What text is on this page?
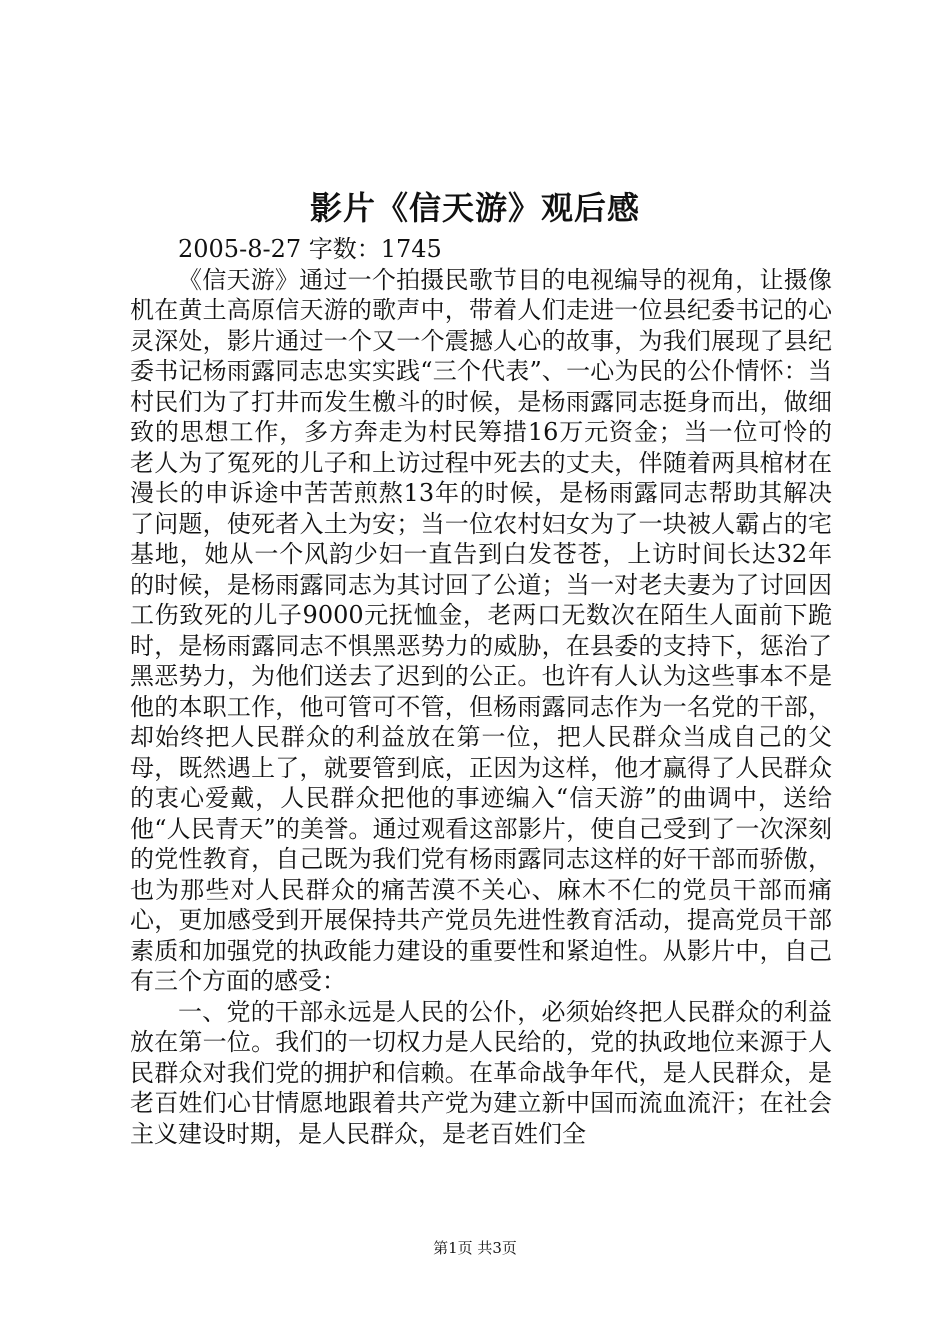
影片《信天游》观后感

2005-8-27 字数：1745

《信天游》通过一个拍摄民歌节目的电视编导的视角，让摄像机在黄土高原信天游的歌声中，带着人们走进一位县纪委书记的心灵深处，影片通过一个又一个震撼人心的故事，为我们展现了县纪委书记杨雨露同志忠实实践“三个代表”、一心为民的公仆情怀：当村民们为了打井而发生檄斗的时候，是杨雨露同志挺身而出，做细致的思想工作，多方奔走为村民筹措16万元资金；当一位可怜的老人为了冤死的儿子和上访过程中死去的丈夫，伴随着两具棺材在漫长的申诉途中苦苦煎熬13年的时候，是杨雨露同志帮助其解决了问题，使死者入土为安；当一位农村妇女为了一块被人霸占的宅基地，她从一个风韵少妇一直告到白发苍苍，上访时间长达32年的时候，是杨雨露同志为其讨回了公道；当一对老夫妻为了讨回因工伤致死的儿子9000元抚恤金，老两口无数次在陌生人面前下跪时，是杨雨露同志不惧黑恶势力的威胁，在县委的支持下，惩治了黑恶势力，为他们送去了迟到的公正。也许有人认为这些事本不是他的本职工作，他可管可不管，但杨雨露同志作为一名党的干部，却始终把人民群众的利益放在第一位，把人民群众当成自己的父母，既然遇上了，就要管到底，正因为这样，他才赢得了人民群众的衷心爱戴，人民群众把他的事迹编入“信天游”的曲调中，送给他“人民青天”的美誉。通过观看这部影片，使自己受到了一次深刻的党性教育，自己既为我们党有杨雨露同志这样的好干部而骄傲，也为那些对人民群众的痛苦漠不关心、麻木不仁的党员干部而痛心，更加感受到开展保持共产党员先进性教育活动，提高党员干部素质和加强党的执政能力建设的重要性和紧迫性。从影片中，自己有三个方面的感受：

一、党的干部永远是人民的公仆，必须始终把人民群众的利益放在第一位。我们的一切权力是人民给的，党的执政地位来源于人民群众对我们党的拥护和信赖。在革命战争年代，是人民群众，是老百姓们心甘情愿地跟着共产党为建立新中国而流血流汗；在社会主义建设时期，是人民群众，是老百姓们全

第1页 共3页
